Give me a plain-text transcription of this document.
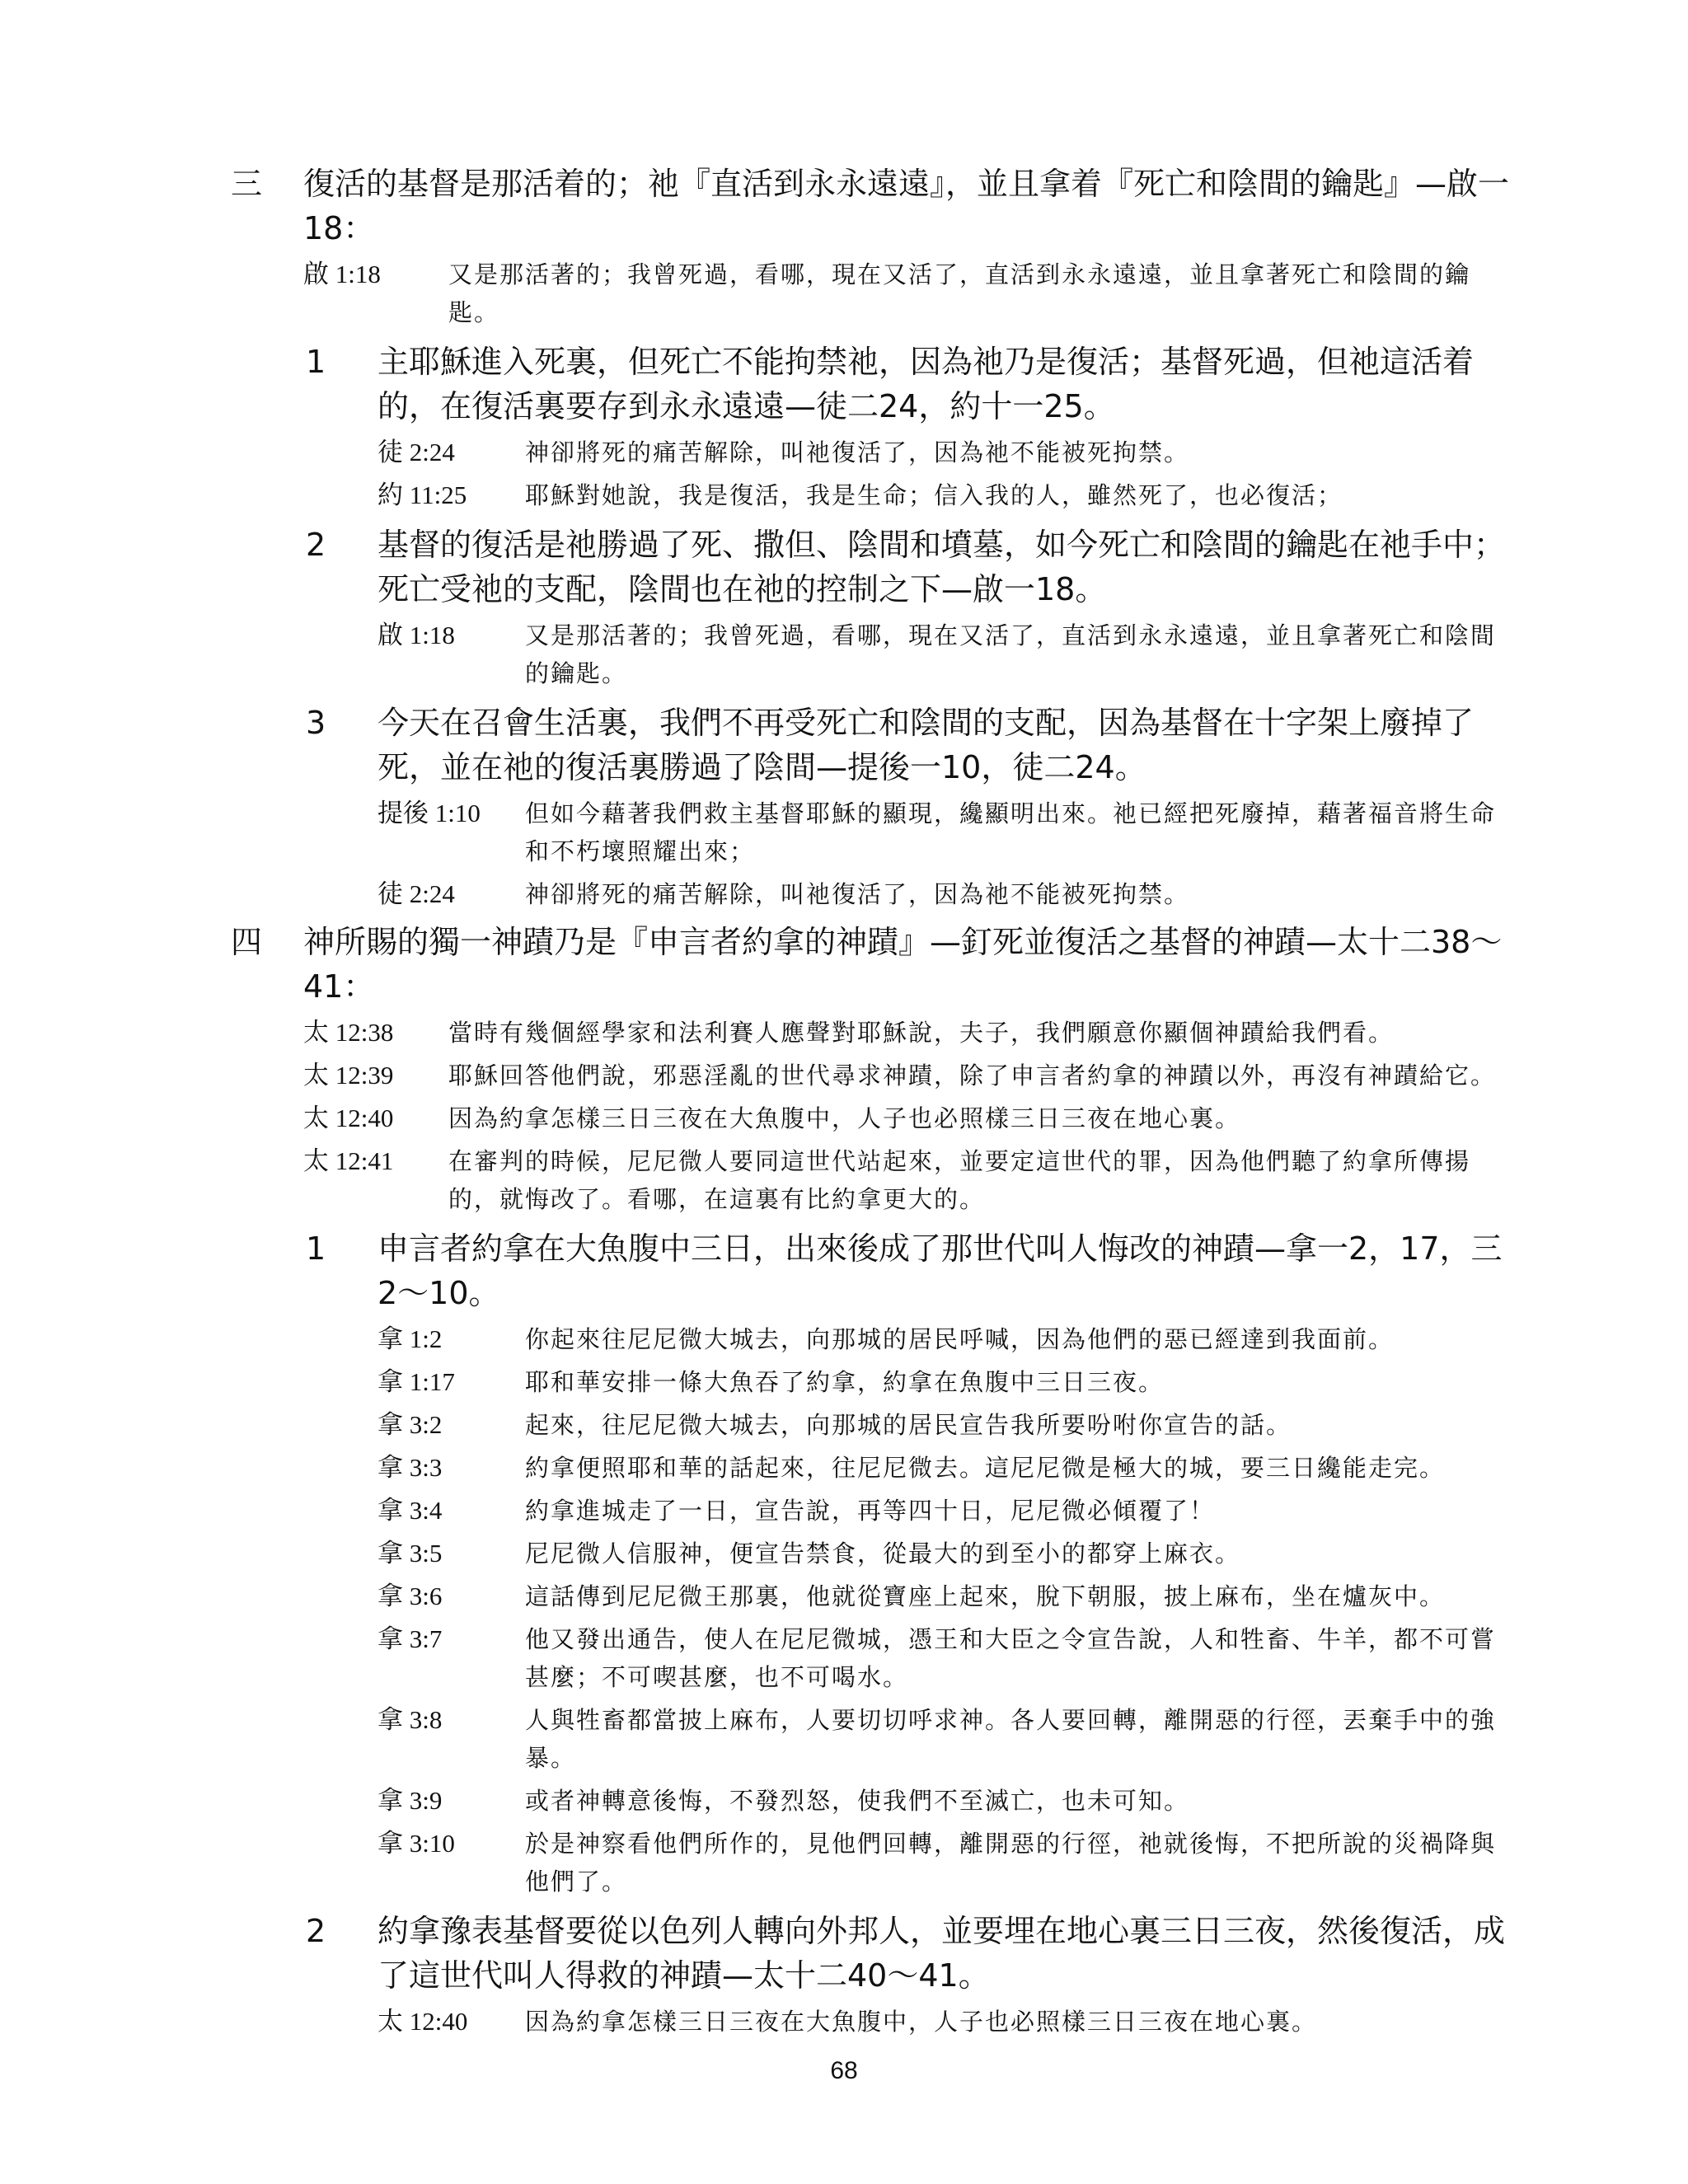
三 復活的基督是那活着的；祂『直活到永永遠遠』，並且拿着『死亡和陰間的鑰匙』—啟一18：
啟 1:18	又是那活著的；我曾死過，看哪，現在又活了，直活到永永遠遠，並且拿著死亡和陰間的鑰匙。
1 主耶穌進入死裏，但死亡不能拘禁祂，因為祂乃是復活；基督死過，但祂這活着的，在復活裏要存到永永遠遠—徒二24，約十一25。
徒 2:24	神卻將死的痛苦解除，叫祂復活了，因為祂不能被死拘禁。
約 11:25 耶穌對她說，我是復活，我是生命；信入我的人，雖然死了，也必復活；
2 基督的復活是祂勝過了死、撒但、陰間和墳墓，如今死亡和陰間的鑰匙在祂手中；死亡受祂的支配，陰間也在祂的控制之下—啟一18。
啟 1:18	又是那活著的；我曾死過，看哪，現在又活了，直活到永永遠遠，並且拿著死亡和陰間的鑰匙。
3 今天在召會生活裏，我們不再受死亡和陰間的支配，因為基督在十字架上廢掉了死，並在祂的復活裏勝過了陰間—提後一10，徒二24。
提後 1:10 但如今藉著我們救主基督耶穌的顯現，纔顯明出來。祂已經把死廢掉，藉著福音將生命和不朽壞照耀出來；
徒 2:24	神卻將死的痛苦解除，叫祂復活了，因為祂不能被死拘禁。
四 神所賜的獨一神蹟乃是『申言者約拿的神蹟』—釘死並復活之基督的神蹟—太十二38～41：
太 12:38 當時有幾個經學家和法利賽人應聲對耶穌說，夫子，我們願意你顯個神蹟給我們看。
太 12:39 耶穌回答他們說，邪惡淫亂的世代尋求神蹟，除了申言者約拿的神蹟以外，再沒有神蹟給它。
太 12:40 因為約拿怎樣三日三夜在大魚腹中，人子也必照樣三日三夜在地心裏。
太 12:41 在審判的時候，尼尼微人要同這世代站起來，並要定這世代的罪，因為他們聽了約拿所傳揚的，就悔改了。看哪，在這裏有比約拿更大的。
1 申言者約拿在大魚腹中三日，出來後成了那世代叫人悔改的神蹟—拿一2，17，三2～10。
拿 1:2	你起來往尼尼微大城去，向那城的居民呼喊，因為他們的惡已經達到我面前。
拿 1:17	耶和華安排一條大魚吞了約拿，約拿在魚腹中三日三夜。
拿 3:2	起來，往尼尼微大城去，向那城的居民宣告我所要吩咐你宣告的話。
拿 3:3	約拿便照耶和華的話起來，往尼尼微去。這尼尼微是極大的城，要三日纔能走完。
拿 3:4	約拿進城走了一日，宣告說，再等四十日，尼尼微必傾覆了！
拿 3:5	尼尼微人信服神，便宣告禁食，從最大的到至小的都穿上麻衣。
拿 3:6	這話傳到尼尼微王那裏，他就從寶座上起來，脫下朝服，披上麻布，坐在爐灰中。
拿 3:7	他又發出通告，使人在尼尼微城，憑王和大臣之令宣告說，人和牲畜、牛羊，都不可嘗甚麼；不可喫甚麼，也不可喝水。
拿 3:8	人與牲畜都當披上麻布，人要切切呼求神。各人要回轉，離開惡的行徑，丟棄手中的強暴。
拿 3:9	或者神轉意後悔，不發烈怒，使我們不至滅亡，也未可知。
拿 3:10	於是神察看他們所作的，見他們回轉，離開惡的行徑，祂就後悔，不把所說的災禍降與他們了。
2 約拿豫表基督要從以色列人轉向外邦人，並要埋在地心裏三日三夜，然後復活，成了這世代叫人得救的神蹟—太十二40～41。
太 12:40 因為約拿怎樣三日三夜在大魚腹中，人子也必照樣三日三夜在地心裏。
68
